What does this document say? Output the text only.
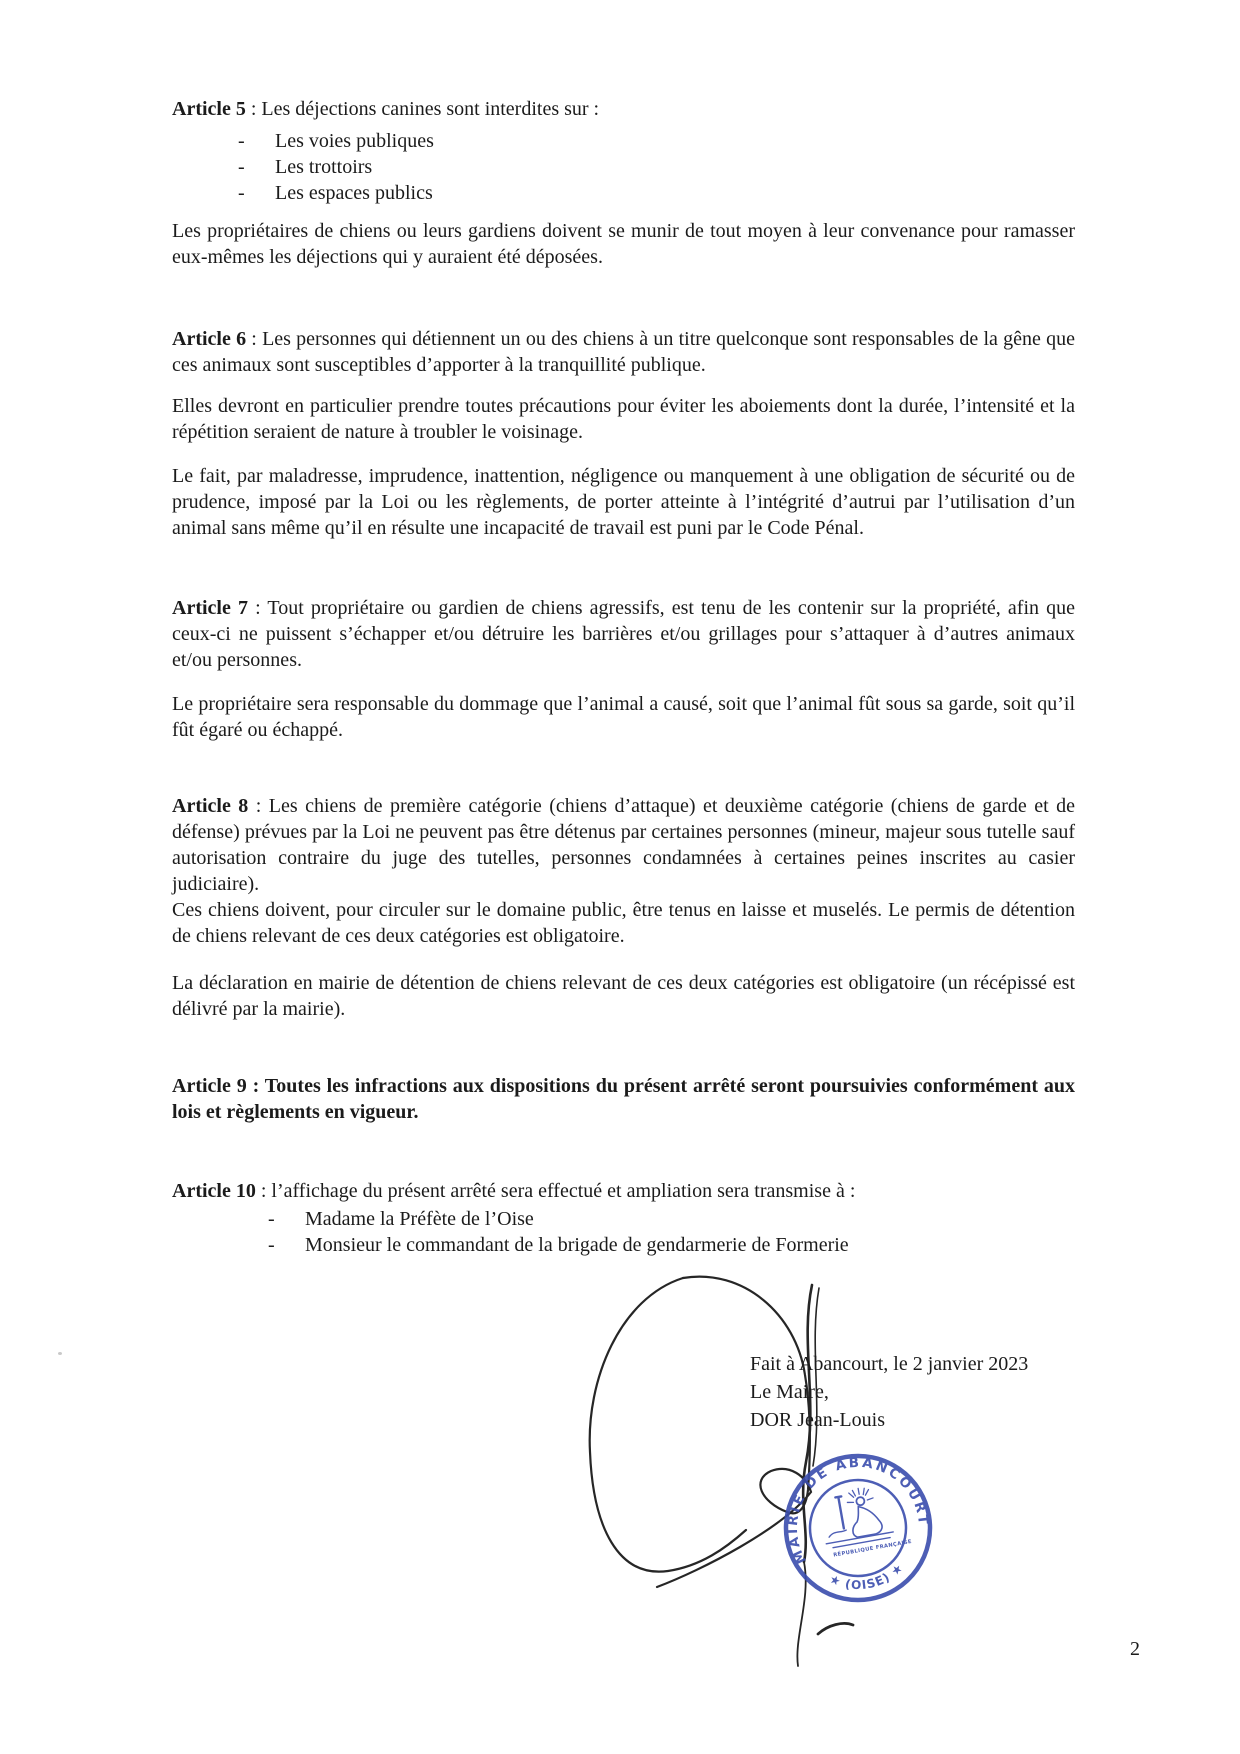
Article 5 : Les déjections canines sont interdites sur :

- Les voies publiques
- Les trottoirs
- Les espaces publics

Les propriétaires de chiens ou leurs gardiens doivent se munir de tout moyen à leur convenance pour ramasser eux-mêmes les déjections qui y auraient été déposées.

Article 6 : Les personnes qui détiennent un ou des chiens à un titre quelconque sont responsables de la gêne que ces animaux sont susceptibles d’apporter à la tranquillité publique.

Elles devront en particulier prendre toutes précautions pour éviter les aboiements dont la durée, l’intensité et la répétition seraient de nature à troubler le voisinage.

Le fait, par maladresse, imprudence, inattention, négligence ou manquement à une obligation de sécurité ou de prudence, imposé par la Loi ou les règlements, de porter atteinte à l’intégrité d’autrui par l’utilisation d’un animal sans même qu’il en résulte une incapacité de travail est puni par le Code Pénal.

Article 7 : Tout propriétaire ou gardien de chiens agressifs, est tenu de les contenir sur la propriété, afin que ceux-ci ne puissent s’échapper et/ou détruire les barrières et/ou grillages pour s’attaquer à d’autres animaux et/ou personnes.

Le propriétaire sera responsable du dommage que l’animal a causé, soit que l’animal fût sous sa garde, soit qu’il fût égaré ou échappé.

Article 8 : Les chiens de première catégorie (chiens d’attaque) et deuxième catégorie (chiens de garde et de défense) prévues par la Loi ne peuvent pas être détenus par certaines personnes (mineur, majeur sous tutelle sauf autorisation contraire du juge des tutelles, personnes condamnées à certaines peines inscrites au casier judiciaire).

Ces chiens doivent, pour circuler sur le domaine public, être tenus en laisse et muselés. Le permis de détention de chiens relevant de ces deux catégories est obligatoire.

La déclaration en mairie de détention de chiens relevant de ces deux catégories est obligatoire (un récépissé est délivré par la mairie).

Article 9 : Toutes les infractions aux dispositions du présent arrêté seront poursuivies conformément aux lois et règlements en vigueur.

Article 10 : l’affichage du présent arrêté sera effectué et ampliation sera transmise à :

- Madame la Préfète de l’Oise
- Monsieur le commandant de la brigade de gendarmerie de Formerie
MAIRIE DE ABANCOURT
★ (OISE) ★
RÉPUBLIQUE FRANÇAISE
Fait à Abancourt, le 2 janvier 2023
Le Maire,
DOR Jean-Louis
2
